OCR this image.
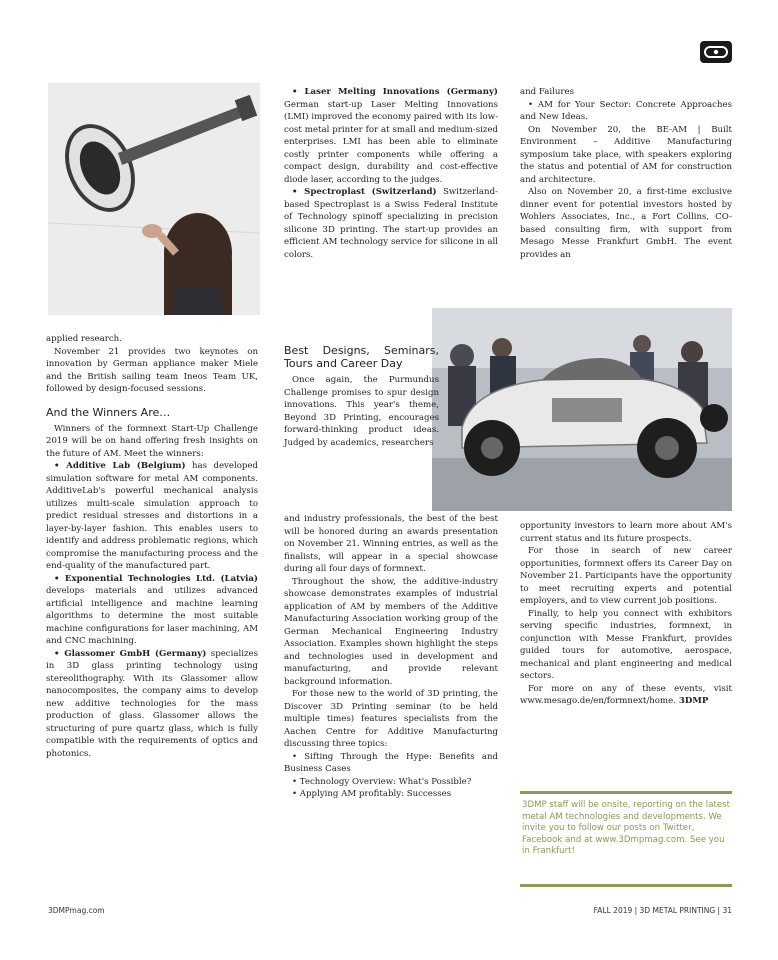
applied research.

November 21 provides two keynotes on innovation by German appliance maker Miele and the British sailing team Ineos Team UK, followed by design-focused sessions.

And the Winners Are…

Winners of the formnext Start-Up Challenge 2019 will be on hand offering fresh insights on the future of AM. Meet the winners:

• Additive Lab (Belgium) has developed simulation software for metal AM components. AdditiveLab's powerful mechanical analysis utilizes multi-scale simulation approach to predict residual stresses and distortions in a layer-by-layer fashion. This enables users to identify and address problematic regions, which compromise the manufacturing process and the end-quality of the manufactured part.

• Exponential Technologies Ltd. (Latvia) develops materials and utilizes advanced artificial intelligence and machine learning algorithms to determine the most suitable machine configurations for laser machining, AM and CNC machining.

• Glassomer GmbH (Germany) specializes in 3D glass printing technology using stereolithography. With its Glassomer allow nanocomposites, the company aims to develop new additive technologies for the mass production of glass. Glassomer allows the structuring of pure quartz glass, which is fully compatible with the requirements of optics and photonics.

• Laser Melting Innovations (Germany) German start-up Laser Melting Innovations (LMI) improved the economy paired with its low-cost metal printer for at small and medium-sized enterprises. LMI has been able to eliminate costly printer components while offering a compact design, durability and cost-effective diode laser, according to the judges.

• Spectroplast (Switzerland) Switzerland-based Spectroplast is a Swiss Federal Institute of Technology spinoff specializing in precision silicone 3D printing. The start-up provides an efficient AM technology service for silicone in all colors.

Best Designs, Seminars, Tours and Career Day

Once again, the Purmundus Challenge promises to spur design innovations. This year's theme, Beyond 3D Printing, encourages forward-thinking product ideas. Judged by academics, researchers

and industry professionals, the best of the best will be honored during an awards presentation on November 21. Winning entries, as well as the finalists, will appear in a special showcase during all four days of formnext.

Throughout the show, the additive-industry showcase demonstrates examples of industrial application of AM by members of the Additive Manufacturing Association working group of the German Mechanical Engineering Industry Association. Examples shown highlight the steps and technologies used in development and manufacturing, and provide relevant background information.

For those new to the world of 3D printing, the Discover 3D Printing seminar (to be held multiple times) features specialists from the Aachen Centre for Additive Manufacturing discussing three topics:

• Sifting Through the Hype: Benefits and Business Cases

• Technology Overview: What's Possible?

• Applying AM profitably: Successes

and Failures

• AM for Your Sector: Concrete Approaches and New Ideas.

On November 20, the BE-AM | Built Environment – Additive Manufacturing symposium take place, with speakers exploring the status and potential of AM for construction and architecture.

Also on November 20, a first-time exclusive dinner event for potential investors hosted by Wohlers Associates, Inc., a Fort Collins, CO-based consulting firm, with support from Mesago Messe Frankfurt GmbH. The event provides an

opportunity investors to learn more about AM's current status and its future prospects.

For those in search of new career opportunities, formnext offers its Career Day on November 21. Participants have the opportunity to meet recruiting experts and potential employers, and to view current job positions.

Finally, to help you connect with exhibitors serving specific industries, formnext, in conjunction with Messe Frankfurt, provides guided tours for automotive, aerospace, mechanical and plant engineering and medical sectors.

For more on any of these events, visit www.mesago.de/en/formnext/home. 3DMP

3DMP staff will be onsite, reporting on the latest metal AM technologies and developments. We invite you to follow our posts on Twitter, Facebook and at www.3Dmpmag.com. See you in Frankfurt!
3DMPmag.com	FALL 2019 | 3D METAL PRINTING | 31
